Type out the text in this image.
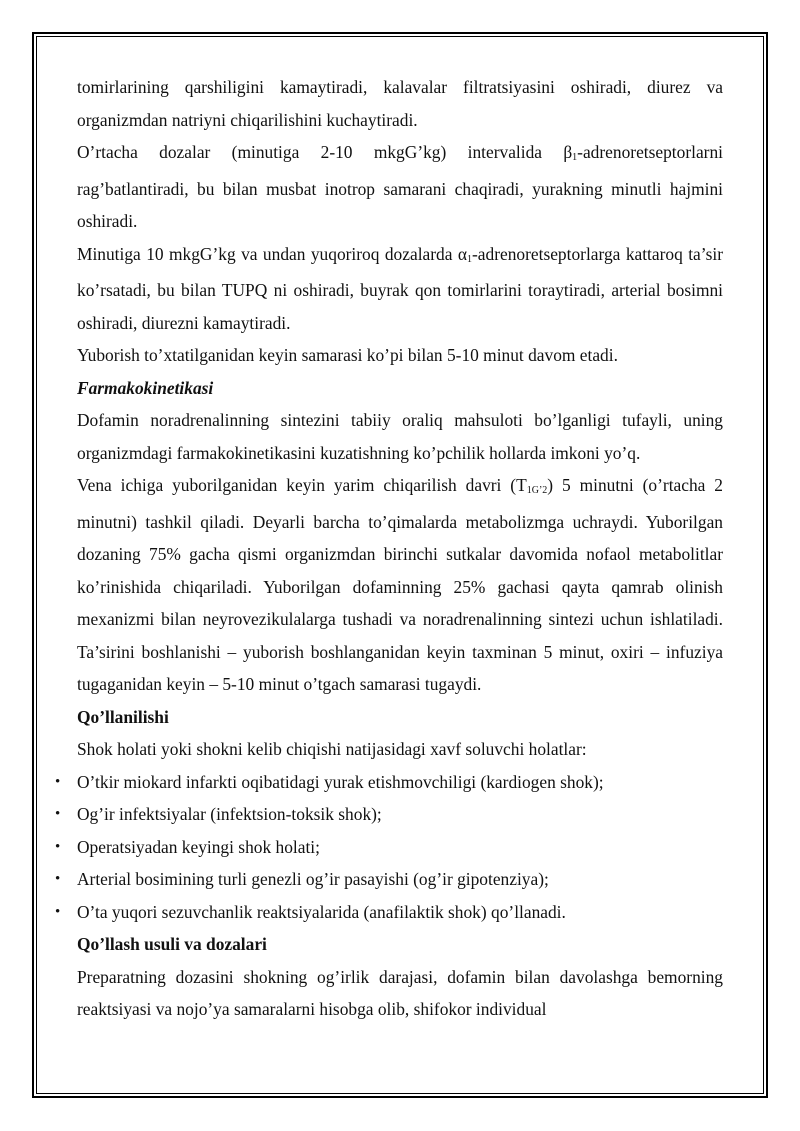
tomirlarining qarshiligini kamaytiradi, kalavalar filtratsiyasini oshiradi, diurez va organizmdan natriyni chiqarilishini kuchaytiradi.

O’rtacha dozalar (minutiga 2-10 mkgG’kg) intervalida β1-adrenoretseptorlarni rag’batlantiradi, bu bilan musbat inotrop samarani chaqiradi, yurakning minutli hajmini oshiradi.

Minutiga 10 mkgG’kg va undan yuqoriroq dozalarda α1-adrenoretseptorlarga kattaroq ta’sir ko’rsatadi, bu bilan TUPQ ni oshiradi, buyrak qon tomirlarini toraytiradi, arterial bosimni oshiradi, diurezni kamaytiradi.

Yuborish to’xtatilganidan keyin samarasi ko’pi bilan 5-10 minut davom etadi.

Farmakokinetikasi

Dofamin noradrenalinning sintezini tabiiy oraliq mahsuloti bo’lganligi tufayli, uning organizmdagi farmakokinetikasini kuzatishning ko’pchilik hollarda imkoni yo’q.

Vena ichiga yuborilganidan keyin yarim chiqarilish davri (T1G’2) 5 minutni (o’rtacha 2 minutni) tashkil qiladi. Deyarli barcha to’qimalarda metabolizmga uchraydi. Yuborilgan dozaning 75% gacha qismi organizmdan birinchi sutkalar davomida nofaol metabolitlar ko’rinishida chiqariladi. Yuborilgan dofaminning 25% gachasi qayta qamrab olinish mexanizmi bilan neyrovezikulalarga tushadi va noradrenalinning sintezi uchun ishlatiladi. Ta’sirini boshlanishi – yuborish boshlanganidan keyin taxminan 5 minut, oxiri – infuziya tugaganidan keyin – 5-10 minut o’tgach samarasi tugaydi.

Qo’llanilishi

Shok holati yoki shokni kelib chiqishi natijasidagi xavf soluvchi holatlar:

• O’tkir miokard infarkti oqibatidagi yurak etishmovchiligi (kardiogen shok);
• Og’ir infektsiyalar (infektsion-toksik shok);
• Operatsiyadan keyingi shok holati;
• Arterial bosimining turli genezli og’ir pasayishi (og’ir gipotenziya);
• O’ta yuqori sezuvchanlik reaktsiyalarida (anafilaktik shok) qo’llanadi.

Qo’llash usuli va dozalari

Preparatning dozasini shokning og’irlik darajasi, dofamin bilan davolashga bemorning reaktsiyasi va nojo’ya samaralarni hisobga olib, shifokor individual
